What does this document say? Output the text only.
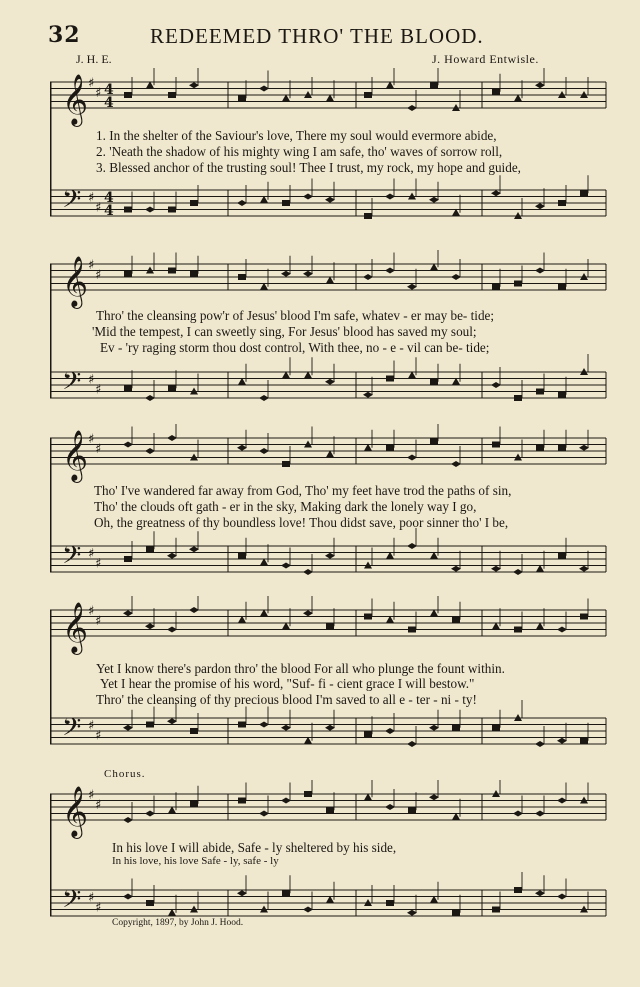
32	REDEEMED THRO' THE BLOOD.
J. H. E.	J. Howard Entwisle.
𝄞 ♯
♯ 4
4
𝄢 ♯
♯
4
4
1. In the shelter of the Saviour's love, There my soul would evermore abide,
2. 'Neath the shadow of his mighty wing I am safe, tho' waves of sorrow roll,
3. Blessed anchor of the trusting soul! Thee I trust, my rock, my hope and guide,
𝄞 ♯
♯
𝄢 ♯
♯
Thro' the cleansing pow'r of Jesus' blood I'm safe, whatev - er may be- tide;
'Mid the tempest, I can sweetly sing, For Jesus' blood has saved my soul;
Ev - 'ry raging storm thou dost control, With thee, no - e - vil can be- tide;
𝄞 ♯
♯
𝄢 ♯
♯
Tho' I've wandered far away from God, Tho' my feet have trod the paths of sin,
Tho' the clouds oft gath - er in the sky, Making dark the lonely way I go,
Oh, the greatness of thy boundless love! Thou didst save, poor sinner tho' I be,
𝄞 ♯
♯
𝄢 ♯
♯
Yet I know there's pardon thro' the blood For all who plunge the fount within.
Yet I hear the promise of his word, "Suf- fi - cient grace I will bestow."
Thro' the cleansing of thy precious blood I'm saved to all e - ter - ni - ty!
Chorus.
𝄞 ♯
♯
𝄢 ♯
♯
In his love I will abide, Safe - ly sheltered by his side,
In his love, his love Safe - ly, safe - ly
Copyright, 1897, by John J. Hood.
